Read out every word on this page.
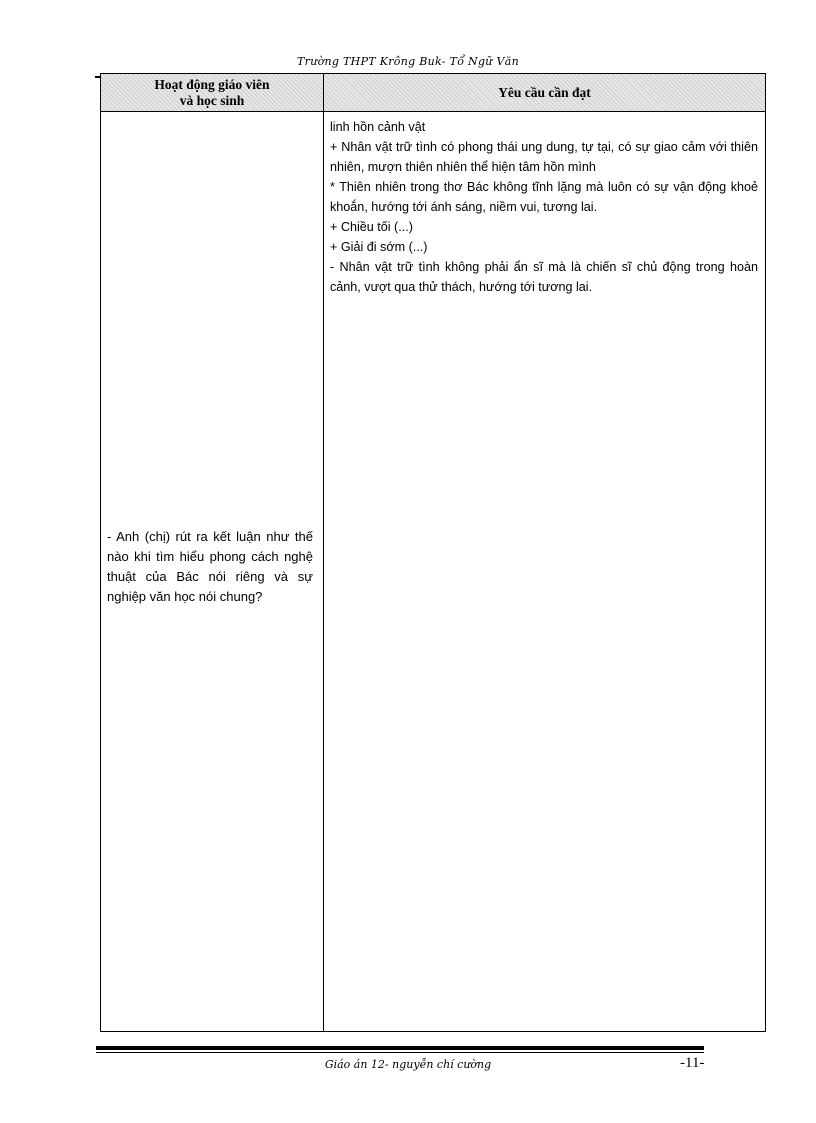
Trường THPT Krông Buk- Tổ Ngữ Văn
Hoạt động giáo viên
và học sinh
Yêu cầu cần đạt
- Anh (chị) rút ra kết luận như thế nào khi tìm hiểu phong cách nghệ thuật của Bác nói riêng và sự nghiệp văn học nói chung?

linh hồn cảnh vật

+ Nhân vật trữ tình có phong thái ung dung, tự tại, có sự giao cảm với thiên nhiên, mượn thiên nhiên thể hiện tâm hồn mình

* Thiên nhiên trong thơ Bác không tĩnh lặng mà luôn có sự vận động khoẻ khoắn, hướng tới ánh sáng, niềm vui, tương lai.

+ Chiều tối (...)

+ Giải đi sớm (...)

- Nhân vật trữ tình không phải ẩn sĩ mà là chiến sĩ chủ động trong hoàn cảnh, vượt qua thử thách, hướng tới tương lai.

Giáo án 12- nguyễn chí cường	-11-
